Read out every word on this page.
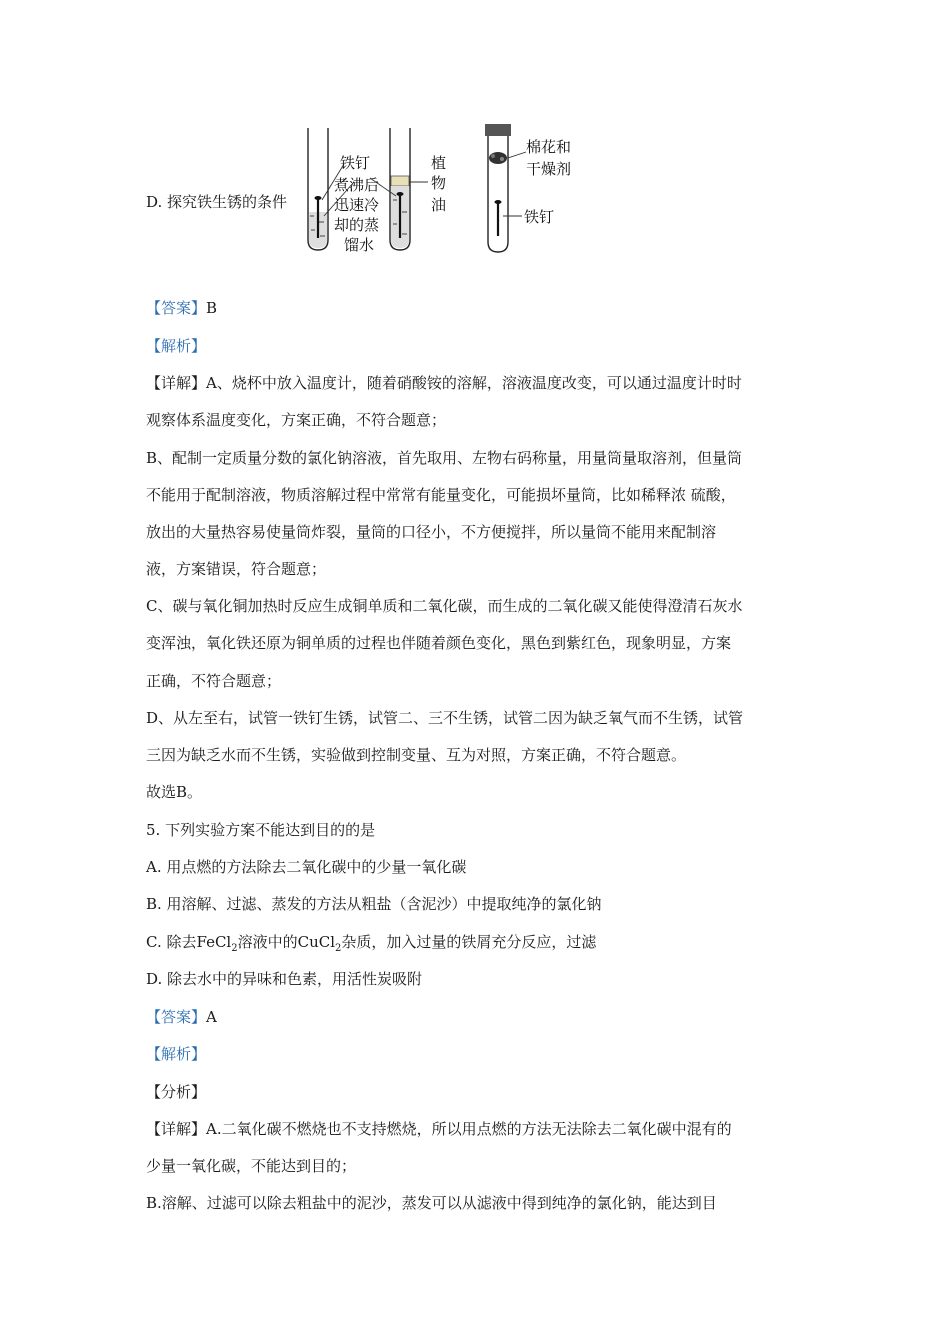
D. 探究铁生锈的条件
铁钉
煮沸后
迅速冷
却的蒸
馏水
植
物
油
棉花和
干燥剂
铁钉
【答案】B
【解析】
【详解】A、烧杯中放入温度计，随着硝酸铵的溶解，溶液温度改变，可以通过温度计时时
观察体系温度变化，方案正确，不符合题意；
B、配制一定质量分数的氯化钠溶液，首先取用、左物右码称量，用量筒量取溶剂，但量筒
不能用于配制溶液，物质溶解过程中常常有能量变化，可能损坏量筒，比如稀释浓 硫酸，
放出的大量热容易使量筒炸裂，量筒的口径小，不方便搅拌，所以量筒不能用来配制溶
液，方案错误，符合题意；
C、碳与氧化铜加热时反应生成铜单质和二氧化碳，而生成的二氧化碳又能使得澄清石灰水
变浑浊，氧化铁还原为铜单质的过程也伴随着颜色变化，黑色到紫红色，现象明显，方案
正确，不符合题意；
D、从左至右，试管一铁钉生锈，试管二、三不生锈，试管二因为缺乏氧气而不生锈，试管
三因为缺乏水而不生锈，实验做到控制变量、互为对照，方案正确，不符合题意。
故选B。
5. 下列实验方案不能达到目的的是
A. 用点燃的方法除去二氧化碳中的少量一氧化碳
B. 用溶解、过滤、蒸发的方法从粗盐（含泥沙）中提取纯净的氯化钠
C. 除去FeCl$_2$溶液中的CuCl$_2$杂质，加入过量的铁屑充分反应，过滤
D. 除去水中的异味和色素，用活性炭吸附
【答案】A
【解析】
【分析】
【详解】A.二氧化碳不燃烧也不支持燃烧，所以用点燃的方法无法除去二氧化碳中混有的
少量一氧化碳，不能达到目的；
B.溶解、过滤可以除去粗盐中的泥沙，蒸发可以从滤液中得到纯净的氯化钠，能达到目
